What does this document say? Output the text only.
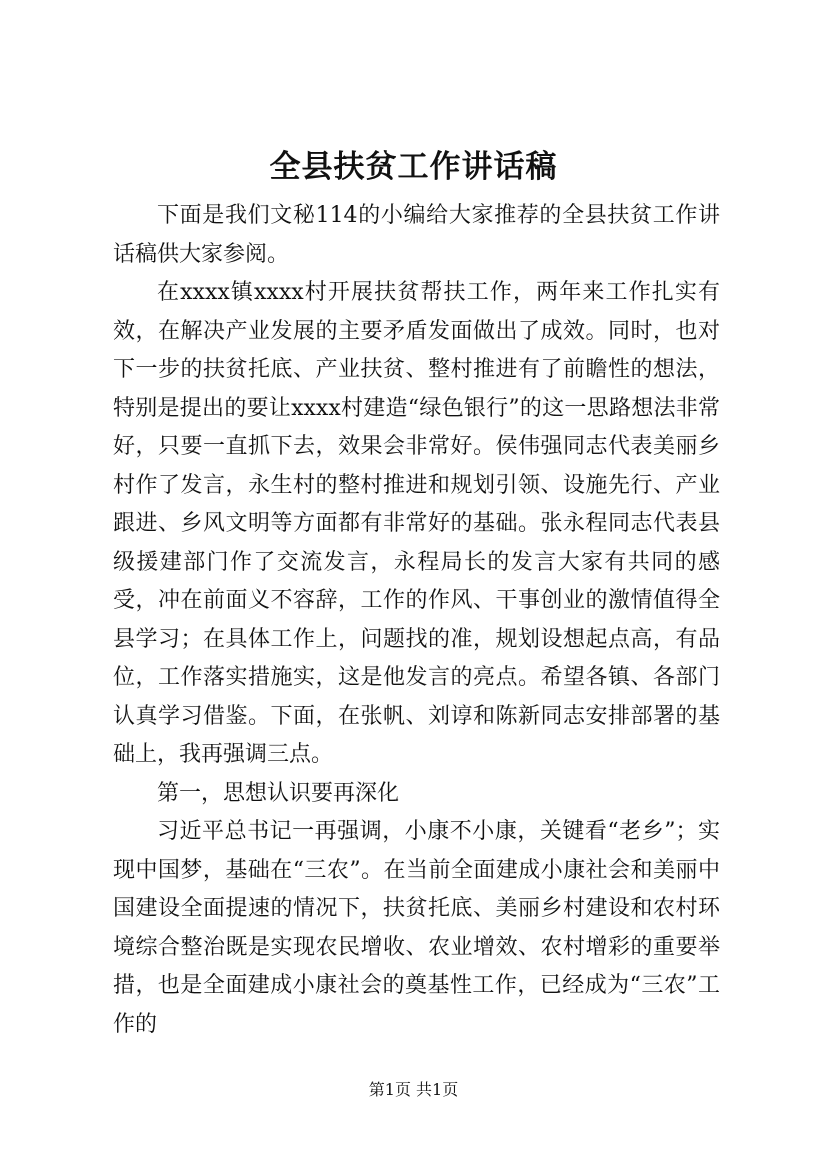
全县扶贫工作讲话稿

下面是我们文秘114的小编给大家推荐的全县扶贫工作讲话稿供大家参阅。

在xxxx镇xxxx村开展扶贫帮扶工作，两年来工作扎实有效，在解决产业发展的主要矛盾发面做出了成效。同时，也对下一步的扶贫托底、产业扶贫、整村推进有了前瞻性的想法，特别是提出的要让xxxx村建造“绿色银行”的这一思路想法非常好，只要一直抓下去，效果会非常好。侯伟强同志代表美丽乡村作了发言，永生村的整村推进和规划引领、设施先行、产业跟进、乡风文明等方面都有非常好的基础。张永程同志代表县级援建部门作了交流发言，永程局长的发言大家有共同的感受，冲在前面义不容辞，工作的作风、干事创业的激情值得全县学习；在具体工作上，问题找的准，规划设想起点高，有品位，工作落实措施实，这是他发言的亮点。希望各镇、各部门认真学习借鉴。下面，在张帆、刘谆和陈新同志安排部署的基础上，我再强调三点。

第一，思想认识要再深化

习近平总书记一再强调，小康不小康，关键看“老乡”；实现中国梦，基础在“三农”。在当前全面建成小康社会和美丽中国建设全面提速的情况下，扶贫托底、美丽乡村建设和农村环境综合整治既是实现农民增收、农业增效、农村增彩的重要举措，也是全面建成小康社会的奠基性工作，已经成为“三农”工作的

第1页 共1页
